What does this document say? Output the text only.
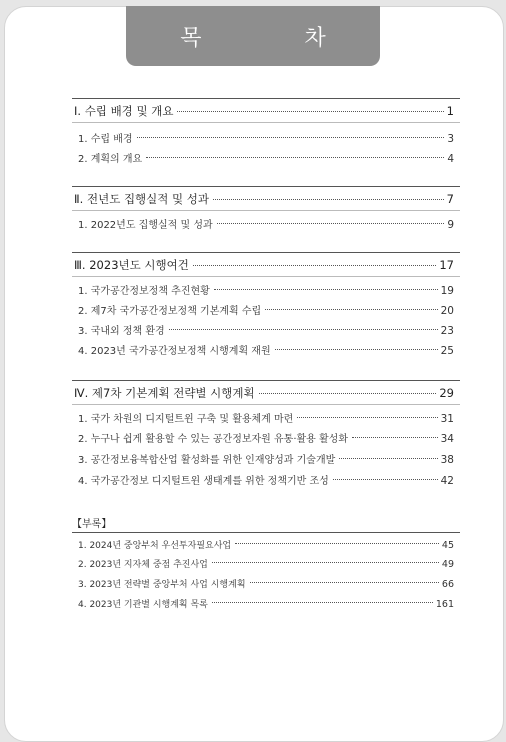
목 차
Ⅰ. 수립 배경 및 개요	1
1. 수립 배경	3
2. 계획의 개요	4
Ⅱ. 전년도 집행실적 및 성과	7
1. 2022년도 집행실적 및 성과	9
Ⅲ. 2023년도 시행여건	17
1. 국가공간정보정책 추진현황	19
2. 제7차 국가공간정보정책 기본계획 수립	20
3. 국내외 정책 환경	23
4. 2023년 국가공간정보정책 시행계획 재원	25
Ⅳ. 제7차 기본계획 전략별 시행계획	29
1. 국가 차원의 디지털트윈 구축 및 활용체계 마련	31
2. 누구나 쉽게 활용할 수 있는 공간정보자원 유통·활용 활성화	34
3. 공간정보융복합산업 활성화를 위한 인재양성과 기술개발	38
4. 국가공간정보 디지털트윈 생태계를 위한 정책기반 조성	42
【부록】
1. 2024년 중앙부처 우선투자필요사업	45
2. 2023년 지자체 중점 추진사업	49
3. 2023년 전략별 중앙부처 사업 시행계획	66
4. 2023년 기관별 시행계획 목록	161
